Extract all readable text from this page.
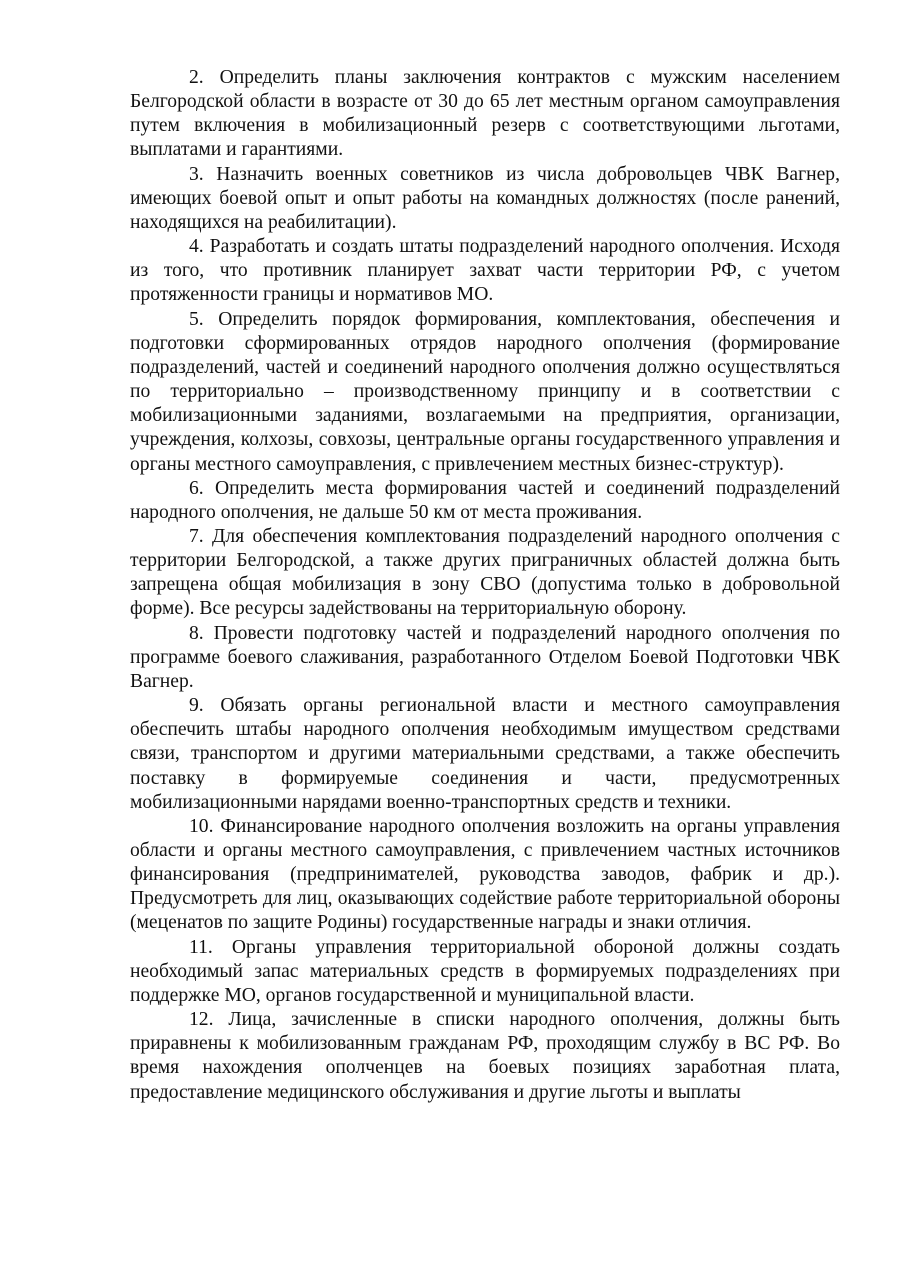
2. Определить планы заключения контрактов с мужским населением Белгородской области в возрасте от 30 до 65 лет местным органом самоуправления путем включения в мобилизационный резерв с соответствующими льготами, выплатами и гарантиями.

3. Назначить военных советников из числа добровольцев ЧВК Вагнер, имеющих боевой опыт и опыт работы на командных должностях (после ранений, находящихся на реабилитации).

4. Разработать и создать штаты подразделений народного ополчения. Исходя из того, что противник планирует захват части территории РФ, с учетом протяженности границы и нормативов МО.

5. Определить порядок формирования, комплектования, обеспечения и подготовки сформированных отрядов народного ополчения (формирование подразделений, частей и соединений народного ополчения должно осуществляться по территориально – производственному принципу и в соответствии с мобилизационными заданиями, возлагаемыми на предприятия, организации, учреждения, колхозы, совхозы, центральные органы государственного управления и органы местного самоуправления, с привлечением местных бизнес-структур).

6. Определить места формирования частей и соединений подразделений народного ополчения, не дальше 50 км от места проживания.

7. Для обеспечения комплектования подразделений народного ополчения с территории Белгородской, а также других приграничных областей должна быть запрещена общая мобилизация в зону СВО (допустима только в добровольной форме). Все ресурсы задействованы на территориальную оборону.

8. Провести подготовку частей и подразделений народного ополчения по программе боевого слаживания, разработанного Отделом Боевой Подготовки ЧВК Вагнер.

9. Обязать органы региональной власти и местного самоуправления обеспечить штабы народного ополчения необходимым имуществом средствами связи, транспортом и другими материальными средствами, а также обеспечить поставку в формируемые соединения и части, предусмотренных мобилизационными нарядами военно-транспортных средств и техники.

10. Финансирование народного ополчения возложить на органы управления области и органы местного самоуправления, с привлечением частных источников финансирования (предпринимателей, руководства заводов, фабрик и др.). Предусмотреть для лиц, оказывающих содействие работе территориальной обороны (меценатов по защите Родины) государственные награды и знаки отличия.

11. Органы управления территориальной обороной должны создать необходимый запас материальных средств в формируемых подразделениях при поддержке МО, органов государственной и муниципальной власти.

12. Лица, зачисленные в списки народного ополчения, должны быть приравнены к мобилизованным гражданам РФ, проходящим службу в ВС РФ. Во время нахождения ополченцев на боевых позициях заработная плата, предоставление медицинского обслуживания и другие льготы и выплаты
